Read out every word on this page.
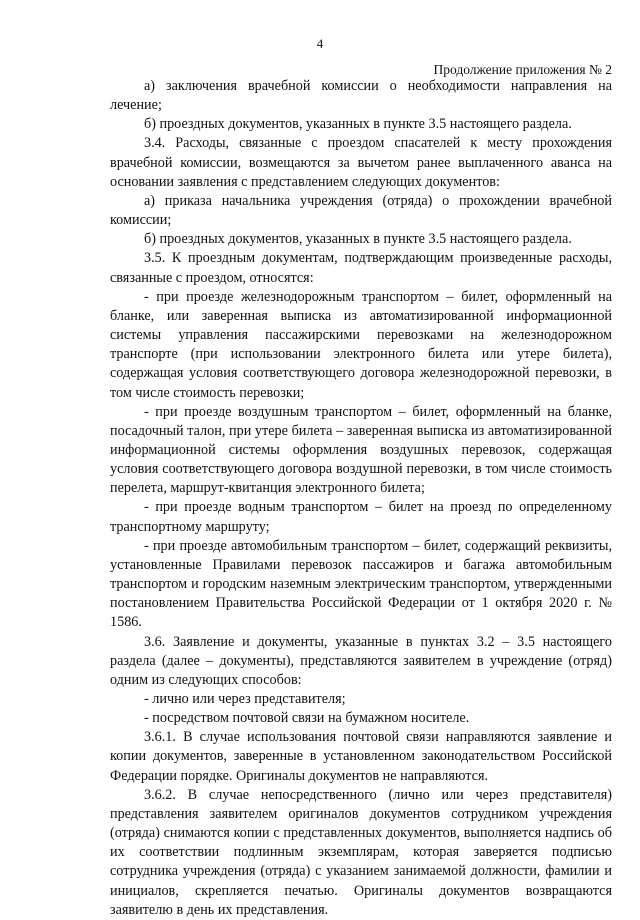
4
Продолжение приложения № 2

а) заключения врачебной комиссии о необходимости направления на лечение;

б) проездных документов, указанных в пункте 3.5 настоящего раздела.

3.4. Расходы, связанные с проездом спасателей к месту прохождения врачебной комиссии, возмещаются за вычетом ранее выплаченного аванса на основании заявления с представлением следующих документов:

а) приказа начальника учреждения (отряда) о прохождении врачебной комиссии;

б) проездных документов, указанных в пункте 3.5 настоящего раздела.

3.5. К проездным документам, подтверждающим произведенные расходы, связанные с проездом, относятся:

- при проезде железнодорожным транспортом – билет, оформленный на бланке, или заверенная выписка из автоматизированной информационной системы управления пассажирскими перевозками на железнодорожном транспорте (при использовании электронного билета или утере билета), содержащая условия соответствующего договора железнодорожной перевозки, в том числе стоимость перевозки;

- при проезде воздушным транспортом – билет, оформленный на бланке, посадочный талон, при утере билета – заверенная выписка из автоматизированной информационной системы оформления воздушных перевозок, содержащая условия соответствующего договора воздушной перевозки, в том числе стоимость перелета, маршрут-квитанция электронного билета;

- при проезде водным транспортом – билет на проезд по определенному транспортному маршруту;

- при проезде автомобильным транспортом – билет, содержащий реквизиты, установленные Правилами перевозок пассажиров и багажа автомобильным транспортом и городским наземным электрическим транспортом, утвержденными постановлением Правительства Российской Федерации от 1 октября 2020 г. № 1586.

3.6. Заявление и документы, указанные в пунктах 3.2 – 3.5 настоящего раздела (далее – документы), представляются заявителем в учреждение (отряд) одним из следующих способов:

- лично или через представителя;

- посредством почтовой связи на бумажном носителе.

3.6.1. В случае использования почтовой связи направляются заявление и копии документов, заверенные в установленном законодательством Российской Федерации порядке. Оригиналы документов не направляются.

3.6.2. В случае непосредственного (лично или через представителя) представления заявителем оригиналов документов сотрудником учреждения (отряда) снимаются копии с представленных документов, выполняется надпись об их соответствии подлинным экземплярам, которая заверяется подписью сотрудника учреждения (отряда) с указанием занимаемой должности, фамилии и инициалов, скрепляется печатью. Оригиналы документов возвращаются заявителю в день их представления.
